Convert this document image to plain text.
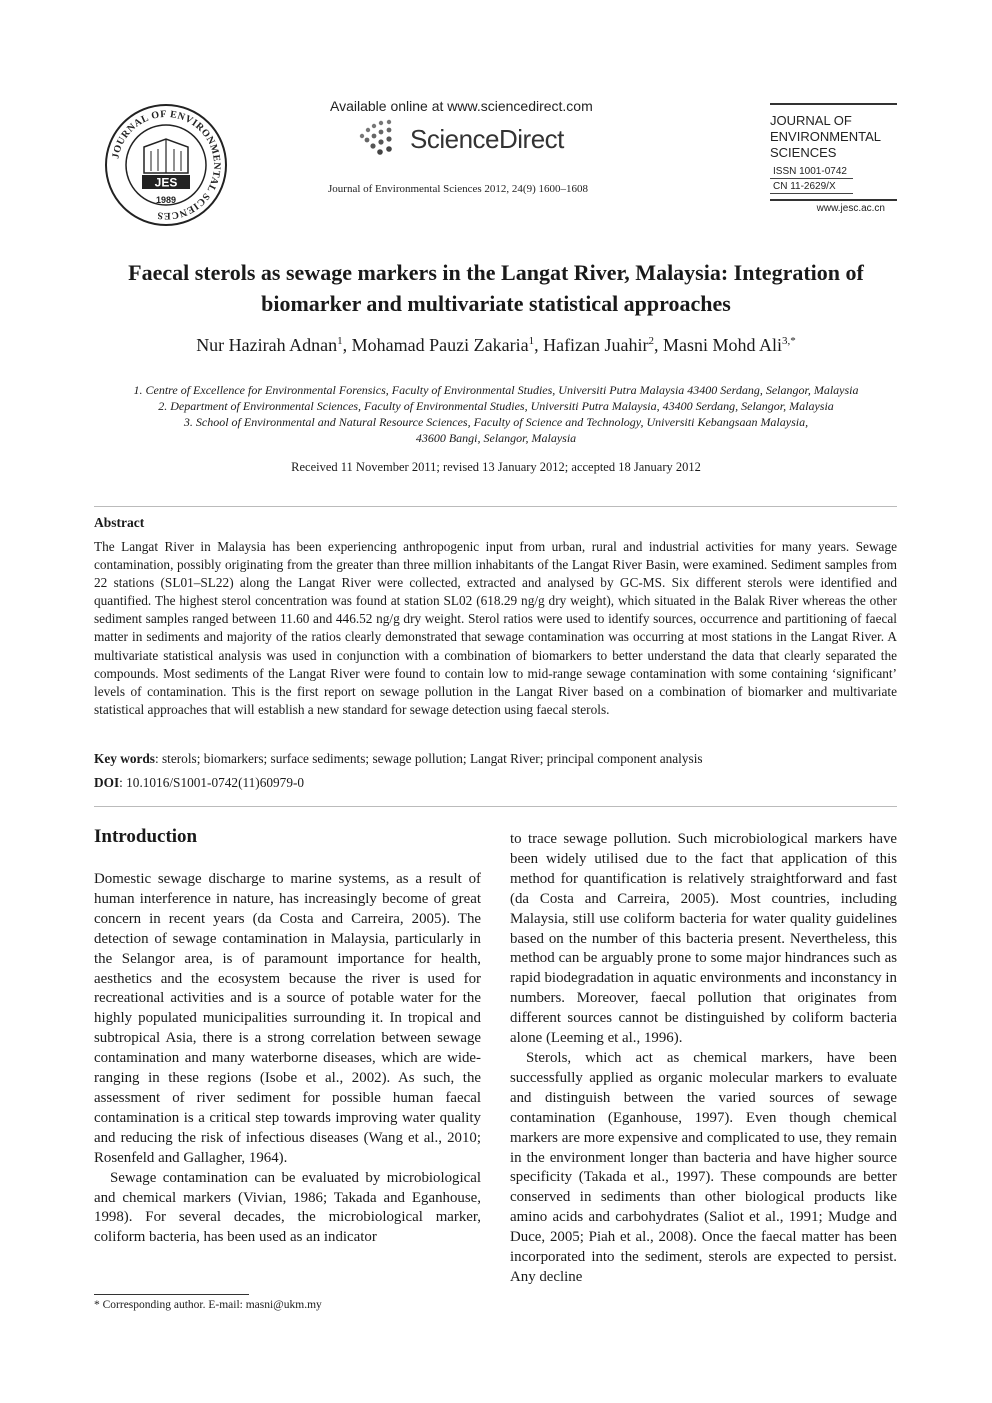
JOURNAL OF ENVIRONMENTAL SCIENCES
JES
1989
Available online at www.sciencedirect.com
ScienceDirect
Journal of Environmental Sciences 2012, 24(9) 1600–1608
JOURNAL OF
ENVIRONMENTAL
SCIENCES
ISSN 1001-0742
CN 11-2629/X
www.jesc.ac.cn
Faecal sterols as sewage markers in the Langat River, Malaysia: Integration of
biomarker and multivariate statistical approaches
Nur Hazirah Adnan$^1$, Mohamad Pauzi Zakaria$^1$, Hafizan Juahir$^2$, Masni Mohd Ali$^{3,*}$
1. Centre of Excellence for Environmental Forensics, Faculty of Environmental Studies, Universiti Putra Malaysia 43400 Serdang, Selangor, Malaysia
2. Department of Environmental Sciences, Faculty of Environmental Studies, Universiti Putra Malaysia, 43400 Serdang, Selangor, Malaysia
3. School of Environmental and Natural Resource Sciences, Faculty of Science and Technology, Universiti Kebangsaan Malaysia,
43600 Bangi, Selangor, Malaysia
Received 11 November 2011; revised 13 January 2012; accepted 18 January 2012
Abstract
The Langat River in Malaysia has been experiencing anthropogenic input from urban, rural and industrial activities for many years. Sewage contamination, possibly originating from the greater than three million inhabitants of the Langat River Basin, were examined. Sediment samples from 22 stations (SL01–SL22) along the Langat River were collected, extracted and analysed by GC-MS. Six different sterols were identified and quantified. The highest sterol concentration was found at station SL02 (618.29 ng/g dry weight), which situated in the Balak River whereas the other sediment samples ranged between 11.60 and 446.52 ng/g dry weight. Sterol ratios were used to identify sources, occurrence and partitioning of faecal matter in sediments and majority of the ratios clearly demonstrated that sewage contamination was occurring at most stations in the Langat River. A multivariate statistical analysis was used in conjunction with a combination of biomarkers to better understand the data that clearly separated the compounds. Most sediments of the Langat River were found to contain low to mid-range sewage contamination with some containing ‘significant’ levels of contamination. This is the first report on sewage pollution in the Langat River based on a combination of biomarker and multivariate statistical approaches that will establish a new standard for sewage detection using faecal sterols.
Key words: sterols; biomarkers; surface sediments; sewage pollution; Langat River; principal component analysis
DOI: 10.1016/S1001-0742(11)60979-0
Introduction

Domestic sewage discharge to marine systems, as a result of human interference in nature, has increasingly become of great concern in recent years (da Costa and Carreira, 2005). The detection of sewage contamination in Malaysia, particularly in the Selangor area, is of paramount importance for health, aesthetics and the ecosystem because the river is used for recreational activities and is a source of potable water for the highly populated municipalities surrounding it. In tropical and subtropical Asia, there is a strong correlation between sewage contamination and many waterborne diseases, which are wide-ranging in these regions (Isobe et al., 2002). As such, the assessment of river sediment for possible human faecal contamination is a critical step towards improving water quality and reducing the risk of infectious diseases (Wang et al., 2010; Rosenfeld and Gallagher, 1964).

Sewage contamination can be evaluated by microbiological and chemical markers (Vivian, 1986; Takada and Eganhouse, 1998). For several decades, the microbiological marker, coliform bacteria, has been used as an indicator

to trace sewage pollution. Such microbiological markers have been widely utilised due to the fact that application of this method for quantification is relatively straightforward and fast (da Costa and Carreira, 2005). Most countries, including Malaysia, still use coliform bacteria for water quality guidelines based on the number of this bacteria present. Nevertheless, this method can be arguably prone to some major hindrances such as rapid biodegradation in aquatic environments and inconstancy in numbers. Moreover, faecal pollution that originates from different sources cannot be distinguished by coliform bacteria alone (Leeming et al., 1996).

Sterols, which act as chemical markers, have been successfully applied as organic molecular markers to evaluate and distinguish between the varied sources of sewage contamination (Eganhouse, 1997). Even though chemical markers are more expensive and complicated to use, they remain in the environment longer than bacteria and have higher source specificity (Takada et al., 1997). These compounds are better conserved in sediments than other biological products like amino acids and carbohydrates (Saliot et al., 1991; Mudge and Duce, 2005; Piah et al., 2008). Once the faecal matter has been incorporated into the sediment, sterols are expected to persist. Any decline

* Corresponding author. E-mail: masni@ukm.my
